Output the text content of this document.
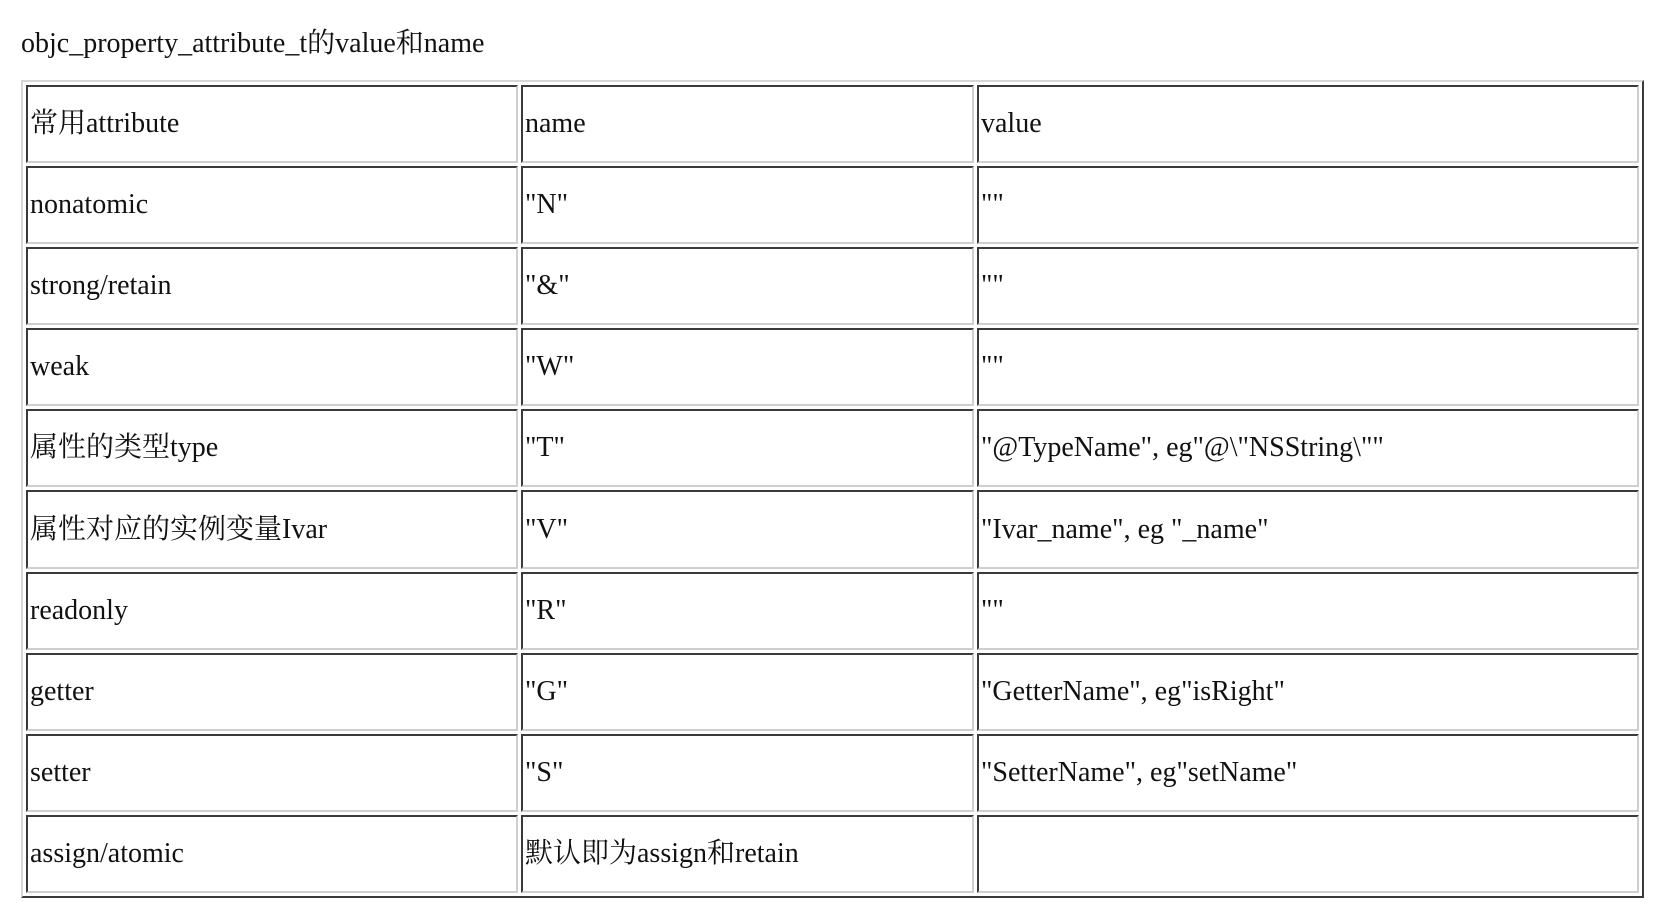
objc_property_attribute_t的value和name
常用attribute	name	value
nonatomic	"N"	""
strong/retain	"&"	""
weak	"W"	""
属性的类型type	"T"	"@TypeName", eg"@\"NSString\""
属性对应的实例变量Ivar	"V"	"Ivar_name", eg "_name"
readonly	"R"	""
getter	"G"	"GetterName", eg"isRight"
setter	"S"	"SetterName", eg"setName"
assign/atomic	默认即为assign和retain	
